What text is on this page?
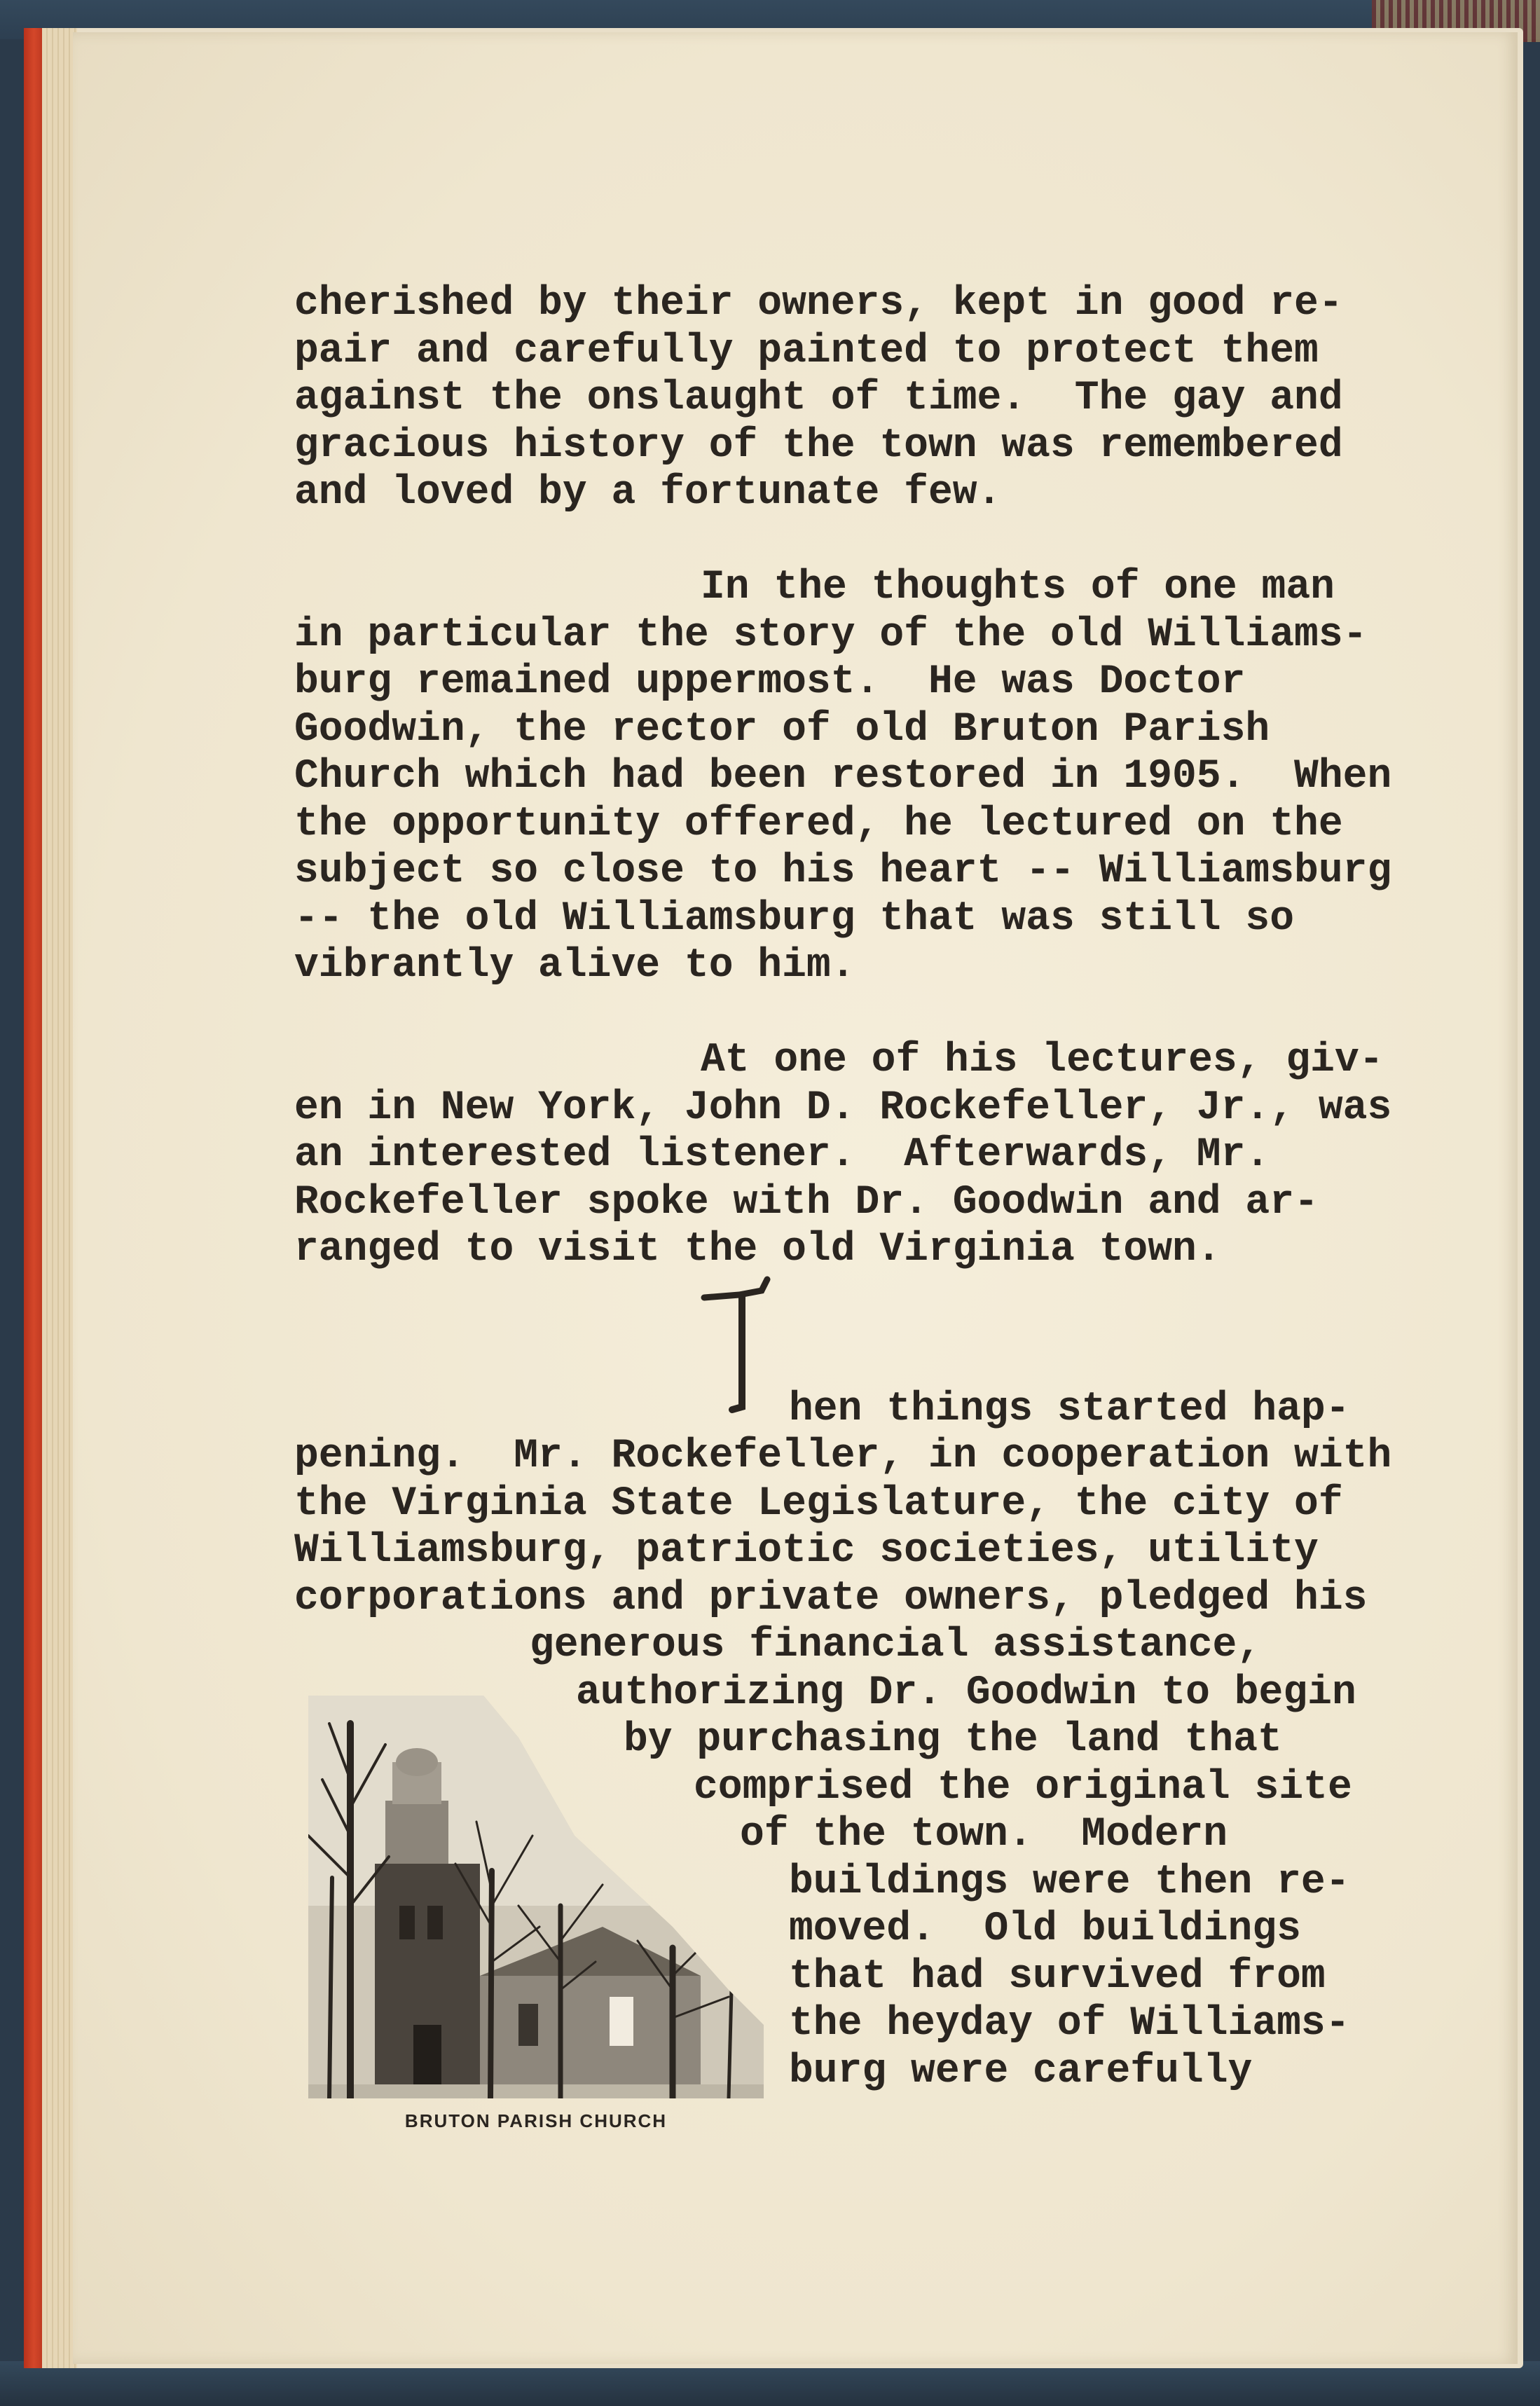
cherished by their owners, kept in good re-
pair and carefully painted to protect them
against the onslaught of time.  The gay and
gracious history of the town was remembered
and loved by a fortunate few.
In the thoughts of one man
in particular the story of the old Williams-
burg remained uppermost.  He was Doctor
Goodwin, the rector of old Bruton Parish
Church which had been restored in 1905.  When
the opportunity offered, he lectured on the
subject so close to his heart -- Williamsburg
-- the old Williamsburg that was still so
vibrantly alive to him.
At one of his lectures, giv-
en in New York, John D. Rockefeller, Jr., was
an interested listener.  Afterwards, Mr.
Rockefeller spoke with Dr. Goodwin and ar-
ranged to visit the old Virginia town.
hen things started hap-
pening.  Mr. Rockefeller, in cooperation with
the Virginia State Legislature, the city of
Williamsburg, patriotic societies, utility
corporations and private owners, pledged his
generous financial assistance,
authorizing Dr. Goodwin to begin
by purchasing the land that
comprised the original site
of the town.  Modern
buildings were then re-
moved.  Old buildings
that had survived from
the heyday of Williams-
burg were carefully
BRUTON PARISH CHURCH
